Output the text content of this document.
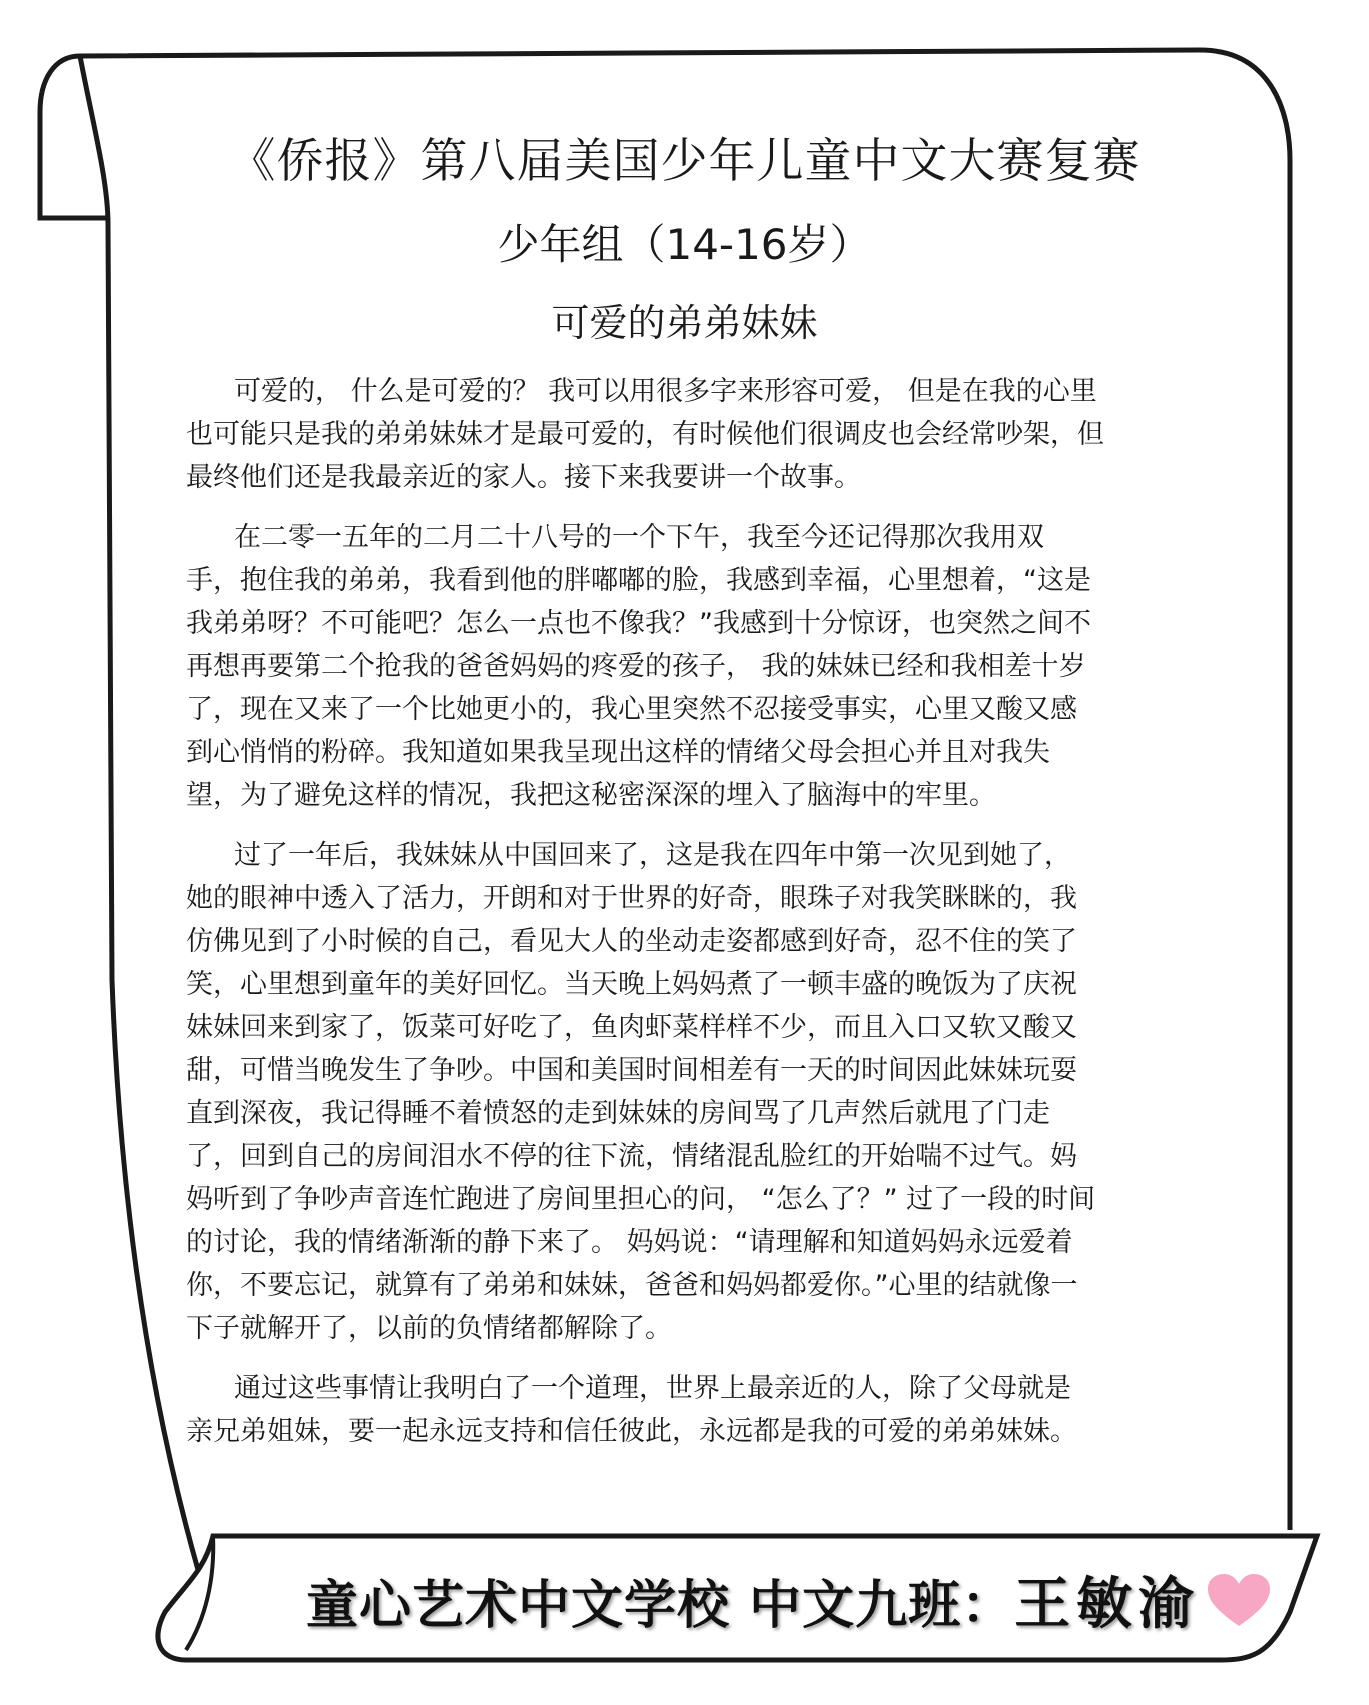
《侨报》第八届美国少年儿童中文大赛复赛
少年组（14-16岁）
可爱的弟弟妹妹

可爱的， 什么是可爱的？ 我可以用很多字来形容可爱， 但是在我的心里
也可能只是我的弟弟妹妹才是最可爱的，有时候他们很调皮也会经常吵架，但
最终他们还是我最亲近的家人。接下来我要讲一个故事。

在二零一五年的二月二十八号的一个下午，我至今还记得那次我用双
手，抱住我的弟弟，我看到他的胖嘟嘟的脸，我感到幸福，心里想着，“这是
我弟弟呀？不可能吧？怎么一点也不像我？”我感到十分惊讶，也突然之间不
再想再要第二个抢我的爸爸妈妈的疼爱的孩子， 我的妹妹已经和我相差十岁
了，现在又来了一个比她更小的，我心里突然不忍接受事实，心里又酸又感
到心悄悄的粉碎。我知道如果我呈现出这样的情绪父母会担心并且对我失
望，为了避免这样的情况，我把这秘密深深的埋入了脑海中的牢里。

过了一年后，我妹妹从中国回来了，这是我在四年中第一次见到她了，
她的眼神中透入了活力，开朗和对于世界的好奇，眼珠子对我笑眯眯的，我
仿佛见到了小时候的自己，看见大人的坐动走姿都感到好奇，忍不住的笑了
笑，心里想到童年的美好回忆。当天晚上妈妈煮了一顿丰盛的晚饭为了庆祝
妹妹回来到家了，饭菜可好吃了，鱼肉虾菜样样不少，而且入口又软又酸又
甜，可惜当晚发生了争吵。中国和美国时间相差有一天的时间因此妹妹玩耍
直到深夜，我记得睡不着愤怒的走到妹妹的房间骂了几声然后就甩了门走
了，回到自己的房间泪水不停的往下流，情绪混乱脸红的开始喘不过气。妈
妈听到了争吵声音连忙跑进了房间里担心的问， “怎么了？” 过了一段的时间
的讨论，我的情绪渐渐的静下来了。 妈妈说：“请理解和知道妈妈永远爱着
你，不要忘记，就算有了弟弟和妹妹，爸爸和妈妈都爱你。”心里的结就像一
下子就解开了，以前的负情绪都解除了。

通过这些事情让我明白了一个道理，世界上最亲近的人，除了父母就是
亲兄弟姐妹，要一起永远支持和信任彼此，永远都是我的可爱的弟弟妹妹。

童心艺术中文学校 中文九班： 王敏渝
